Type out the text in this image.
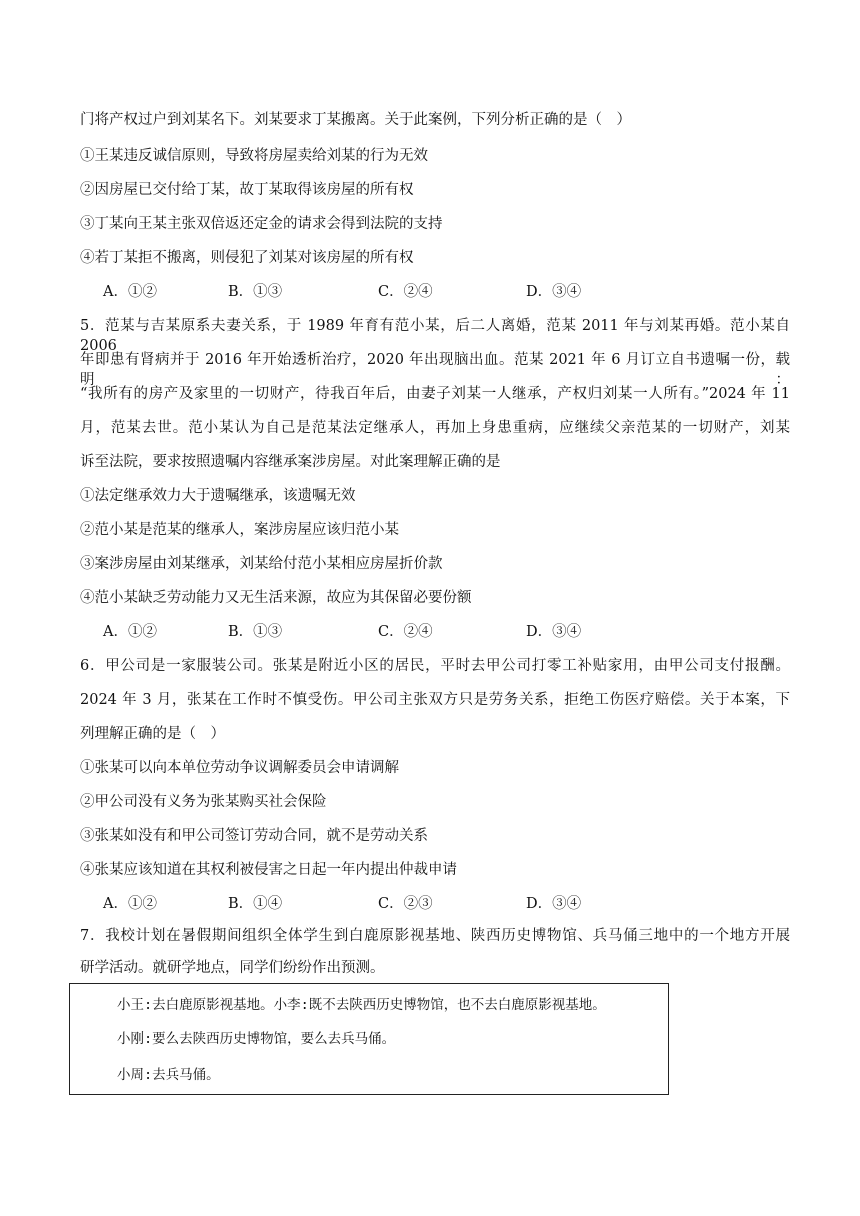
门将产权过户到刘某名下。刘某要求丁某搬离。关于此案例，下列分析正确的是（　）
①王某违反诚信原则，导致将房屋卖给刘某的行为无效
②因房屋已交付给丁某，故丁某取得该房屋的所有权
③丁某向王某主张双倍返还定金的请求会得到法院的支持
④若丁某拒不搬离，则侵犯了刘某对该房屋的所有权
A．①②	B．①③	C．②④	D．③④
5．范某与吉某原系夫妻关系，于 1989 年育有范小某，后二人离婚，范某 2011 年与刘某再婚。范小某自 2006
年即患有肾病并于 2016 年开始透析治疗，2020 年出现脑出血。范某 2021 年 6 月订立自书遗嘱一份，载明：
“我所有的房产及家里的一切财产，待我百年后，由妻子刘某一人继承，产权归刘某一人所有。”2024 年 11
月，范某去世。范小某认为自己是范某法定继承人，再加上身患重病，应继续父亲范某的一切财产，刘某
诉至法院，要求按照遗嘱内容继承案涉房屋。对此案理解正确的是
①法定继承效力大于遗嘱继承，该遗嘱无效
②范小某是范某的继承人，案涉房屋应该归范小某
③案涉房屋由刘某继承，刘某给付范小某相应房屋折价款
④范小某缺乏劳动能力又无生活来源，故应为其保留必要份额
A．①②	B．①③	C．②④	D．③④
6．甲公司是一家服装公司。张某是附近小区的居民，平时去甲公司打零工补贴家用，由甲公司支付报酬。
2024 年 3 月，张某在工作时不慎受伤。甲公司主张双方只是劳务关系，拒绝工伤医疗赔偿。关于本案，下
列理解正确的是（　）
①张某可以向本单位劳动争议调解委员会申请调解
②甲公司没有义务为张某购买社会保险
③张某如没有和甲公司签订劳动合同，就不是劳动关系
④张某应该知道在其权利被侵害之日起一年内提出仲裁申请
A．①②	B．①④	C．②③	D．③④
7．我校计划在暑假期间组织全体学生到白鹿原影视基地、陕西历史博物馆、兵马俑三地中的一个地方开展
研学活动。就研学地点，同学们纷纷作出预测。
小王:去白鹿原影视基地。小李:既不去陕西历史博物馆，也不去白鹿原影视基地。
小刚:要么去陕西历史博物馆，要么去兵马俑。
小周:去兵马俑。
